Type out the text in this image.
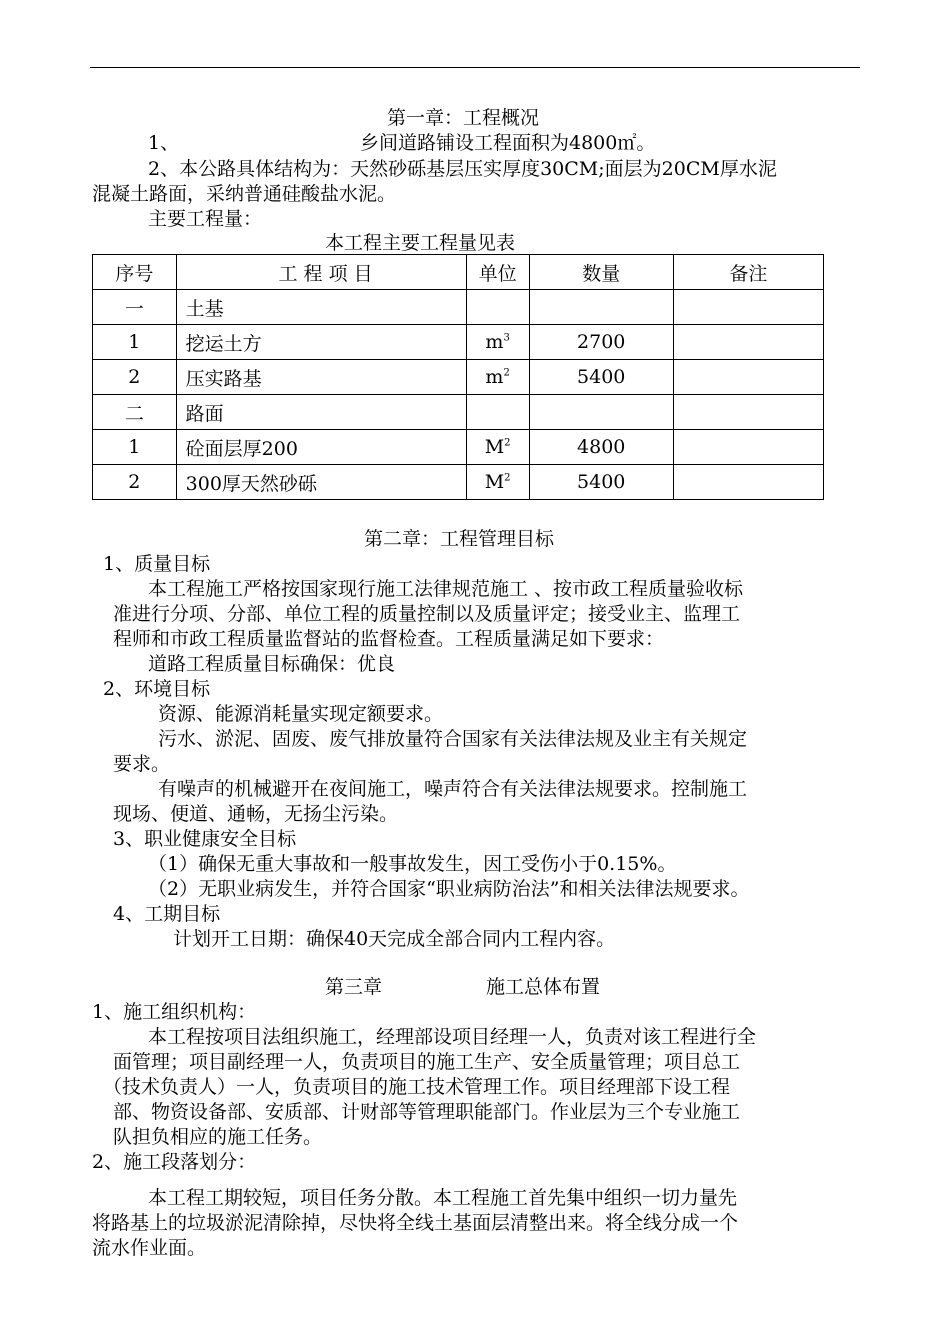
第一章：工程概况
1、	乡间道路铺设工程面积为4800㎡。
2、本公路具体结构为：天然砂砾基层压实厚度30CM;面层为20CM厚水泥
混凝土路面，采纳普通硅酸盐水泥。
主要工程量：
本工程主要工程量见表
序号	工 程 项 目	单位	数量	备注
一	土基			
1	挖运土方	$m^3$	2700	
2	压实路基	$m^2$	5400	
二	路面			
1	砼面层厚200	$M^2$	4800	
2	300厚天然砂砾	$M^2$	5400	
第二章：工程管理目标
1、质量目标
本工程施工严格按国家现行施工法律规范施工 、按市政工程质量验收标
准进行分项、分部、单位工程的质量控制以及质量评定；接受业主、监理工
程师和市政工程质量监督站的监督检查。工程质量满足如下要求：
道路工程质量目标确保：优良
2、环境目标
资源、能源消耗量实现定额要求。
污水、淤泥、固废、废气排放量符合国家有关法律法规及业主有关规定
要求。
有噪声的机械避开在夜间施工，噪声符合有关法律法规要求。控制施工
现场、便道、通畅，无扬尘污染。
3、职业健康安全目标
（1）确保无重大事故和一般事故发生，因工受伤小于0.15%。
（2）无职业病发生，并符合国家“职业病防治法”和相关法律法规要求。
4、工期目标
计划开工日期：确保40天完成全部合同内工程内容。
第三章	施工总体布置
1、施工组织机构：
本工程按项目法组织施工，经理部设项目经理一人，负责对该工程进行全
面管理；项目副经理一人，负责项目的施工生产、安全质量管理；项目总工
（技术负责人）一人，负责项目的施工技术管理工作。项目经理部下设工程
部、物资设备部、安质部、计财部等管理职能部门。作业层为三个专业施工
队担负相应的施工任务。
2、施工段落划分：
本工程工期较短，项目任务分散。本工程施工首先集中组织一切力量先
将路基上的垃圾淤泥清除掉，尽快将全线土基面层清整出来。将全线分成一个
流水作业面。
